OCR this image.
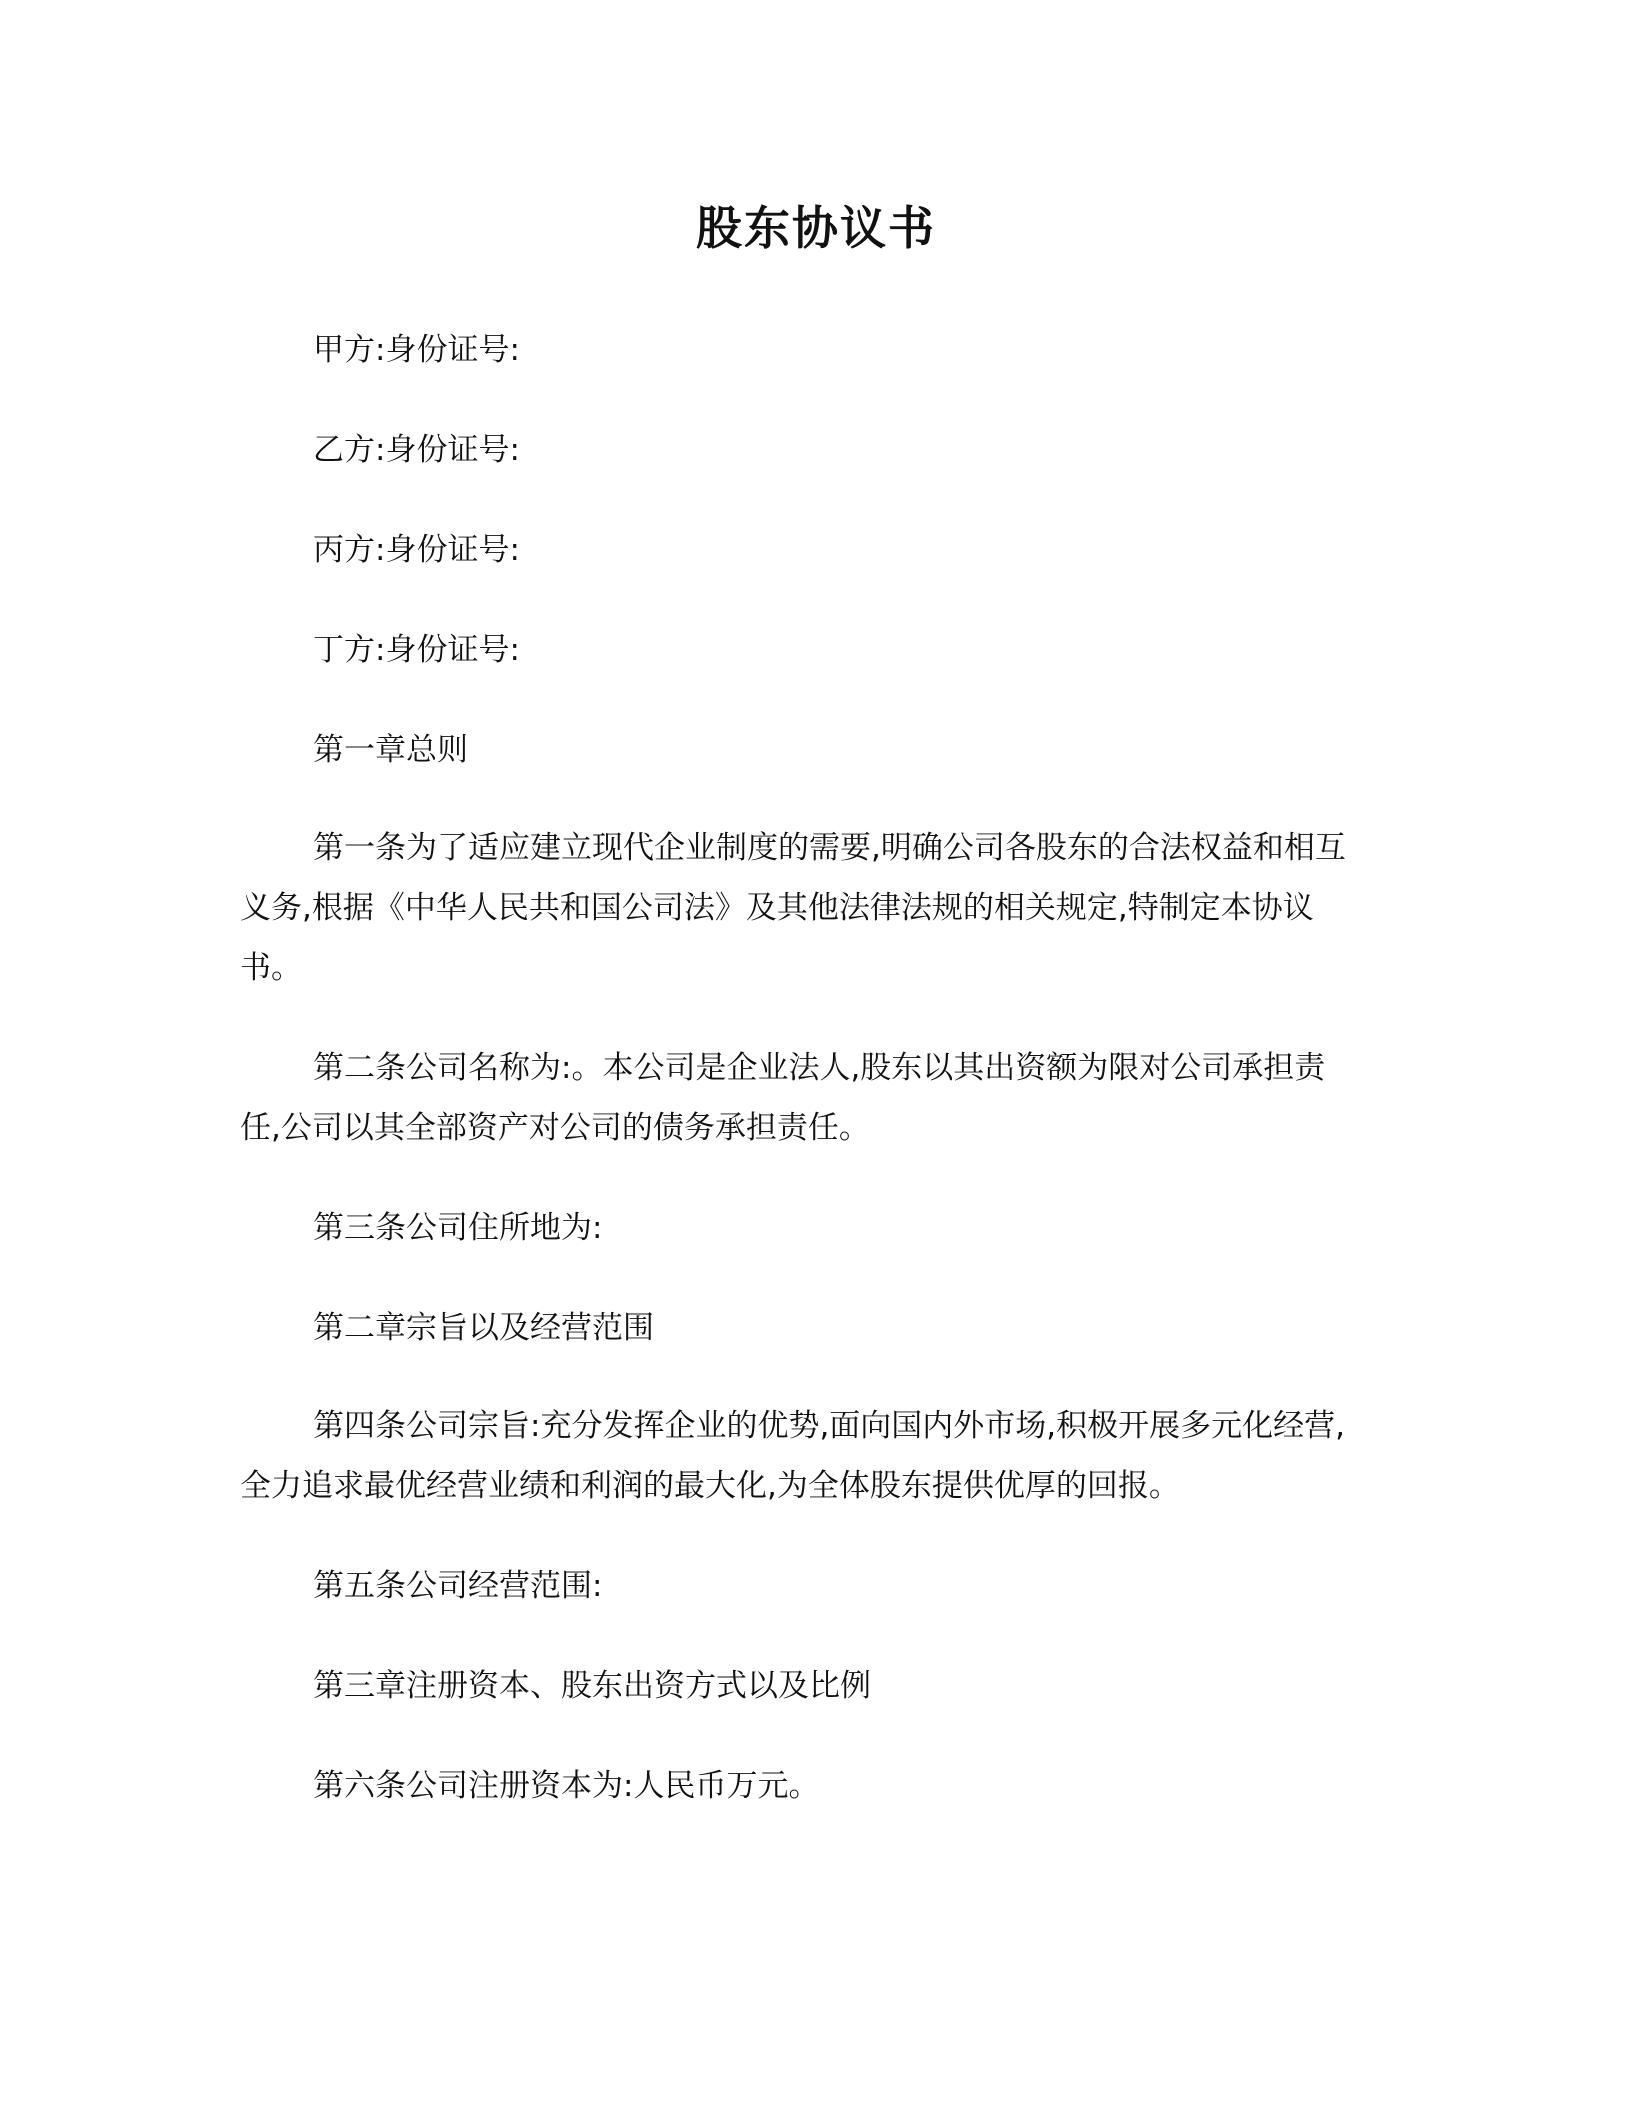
股东协议书
甲方:身份证号:
乙方:身份证号:
丙方:身份证号:
丁方:身份证号:
第一章总则
第一条为了适应建立现代企业制度的需要,明确公司各股东的合法权益和相互
义务,根据《中华人民共和国公司法》及其他法律法规的相关规定,特制定本协议
书。
第二条公司名称为:。本公司是企业法人,股东以其出资额为限对公司承担责
任,公司以其全部资产对公司的债务承担责任。
第三条公司住所地为:
第二章宗旨以及经营范围
第四条公司宗旨:充分发挥企业的优势,面向国内外市场,积极开展多元化经营,
全力追求最优经营业绩和利润的最大化,为全体股东提供优厚的回报。
第五条公司经营范围:
第三章注册资本、股东出资方式以及比例
第六条公司注册资本为:人民币万元。
